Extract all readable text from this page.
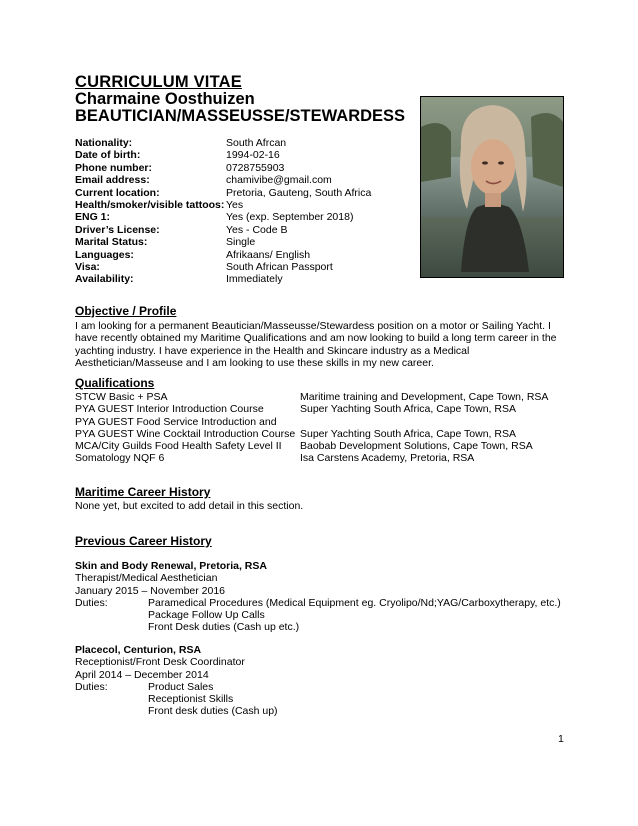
CURRICULUM VITAE
Charmaine Oosthuizen
BEAUTICIAN/MASSEUSSE/STEWARDESS
Nationality:	South Afrcan
Date of birth:	1994-02-16
Phone number:	0728755903
Email address:	chamivibe@gmail.com
Current location:	Pretoria, Gauteng, South Africa
Health/smoker/visible tattoos: Yes
ENG 1:	Yes (exp. September 2018)
Driver’s License:	Yes - Code B
Marital Status:	Single
Languages:	Afrikaans/ English
Visa:	South African Passport
Availability:	Immediately
Objective / Profile
I am looking for a permanent Beautician/Masseusse/Stewardess position on a motor or Sailing Yacht. I
have recently obtained my Maritime Qualifications and am now looking to build a long term career in the
yachting industry. I have experience in the Health and Skincare industry as a Medical
Aesthetician/Masseuse and I am looking to use these skills in my new career.
Qualifications
STCW Basic + PSA	Maritime training and Development, Cape Town, RSA
PYA GUEST Interior Introduction Course	Super Yachting South Africa, Cape Town, RSA
PYA GUEST Food Service Introduction and
PYA GUEST Wine Cocktail Introduction Course Super Yachting South Africa, Cape Town, RSA
MCA/City Guilds Food Health Safety Level II	Baobab Development Solutions, Cape Town, RSA
Somatology NQF 6	Isa Carstens Academy, Pretoria, RSA
Maritime Career History
None yet, but excited to add detail in this section.
Previous Career History
Skin and Body Renewal, Pretoria, RSA
Therapist/Medical Aesthetician
January 2015 – November 2016
Duties:	Paramedical Procedures (Medical Equipment eg. Cryolipo/Nd;YAG/Carboxytherapy, etc.)
Package Follow Up Calls
Front Desk duties (Cash up etc.)
Placecol, Centurion, RSA
Receptionist/Front Desk Coordinator
April 2014 – December 2014
Duties:	Product Sales
Receptionist Skills
Front desk duties (Cash up)
1
